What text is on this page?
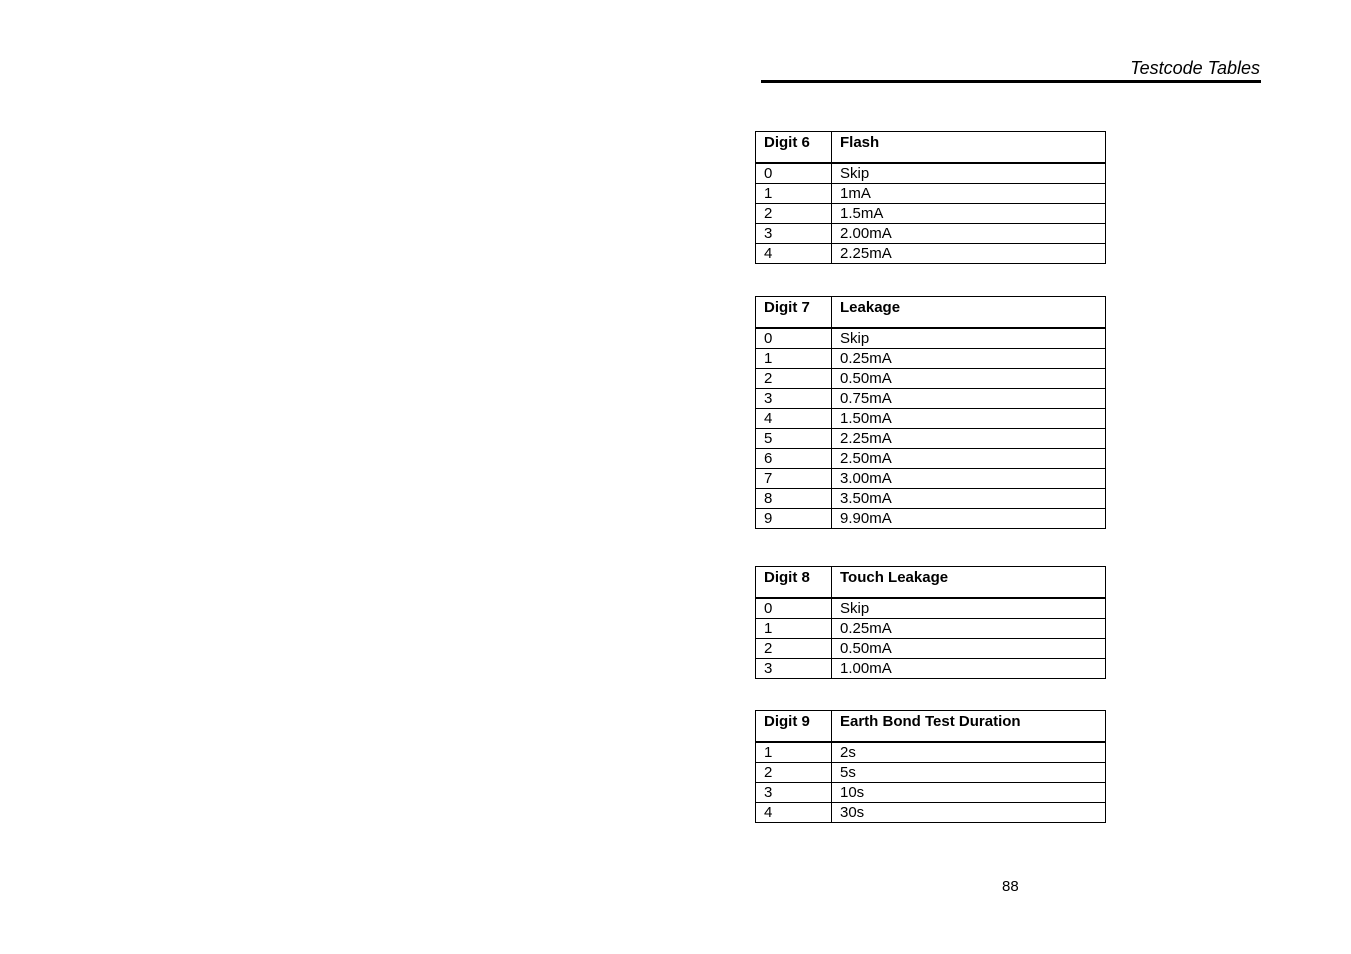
Testcode Tables
Digit 6	Flash
0	Skip
1	1mA
2	1.5mA
3	2.00mA
4	2.25mA
Digit 7	Leakage
0	Skip
1	0.25mA
2	0.50mA
3	0.75mA
4	1.50mA
5	2.25mA
6	2.50mA
7	3.00mA
8	3.50mA
9	9.90mA
Digit 8	Touch Leakage
0	Skip
1	0.25mA
2	0.50mA
3	1.00mA
Digit 9	Earth Bond Test Duration
1	2s
2	5s
3	10s
4	30s
88
